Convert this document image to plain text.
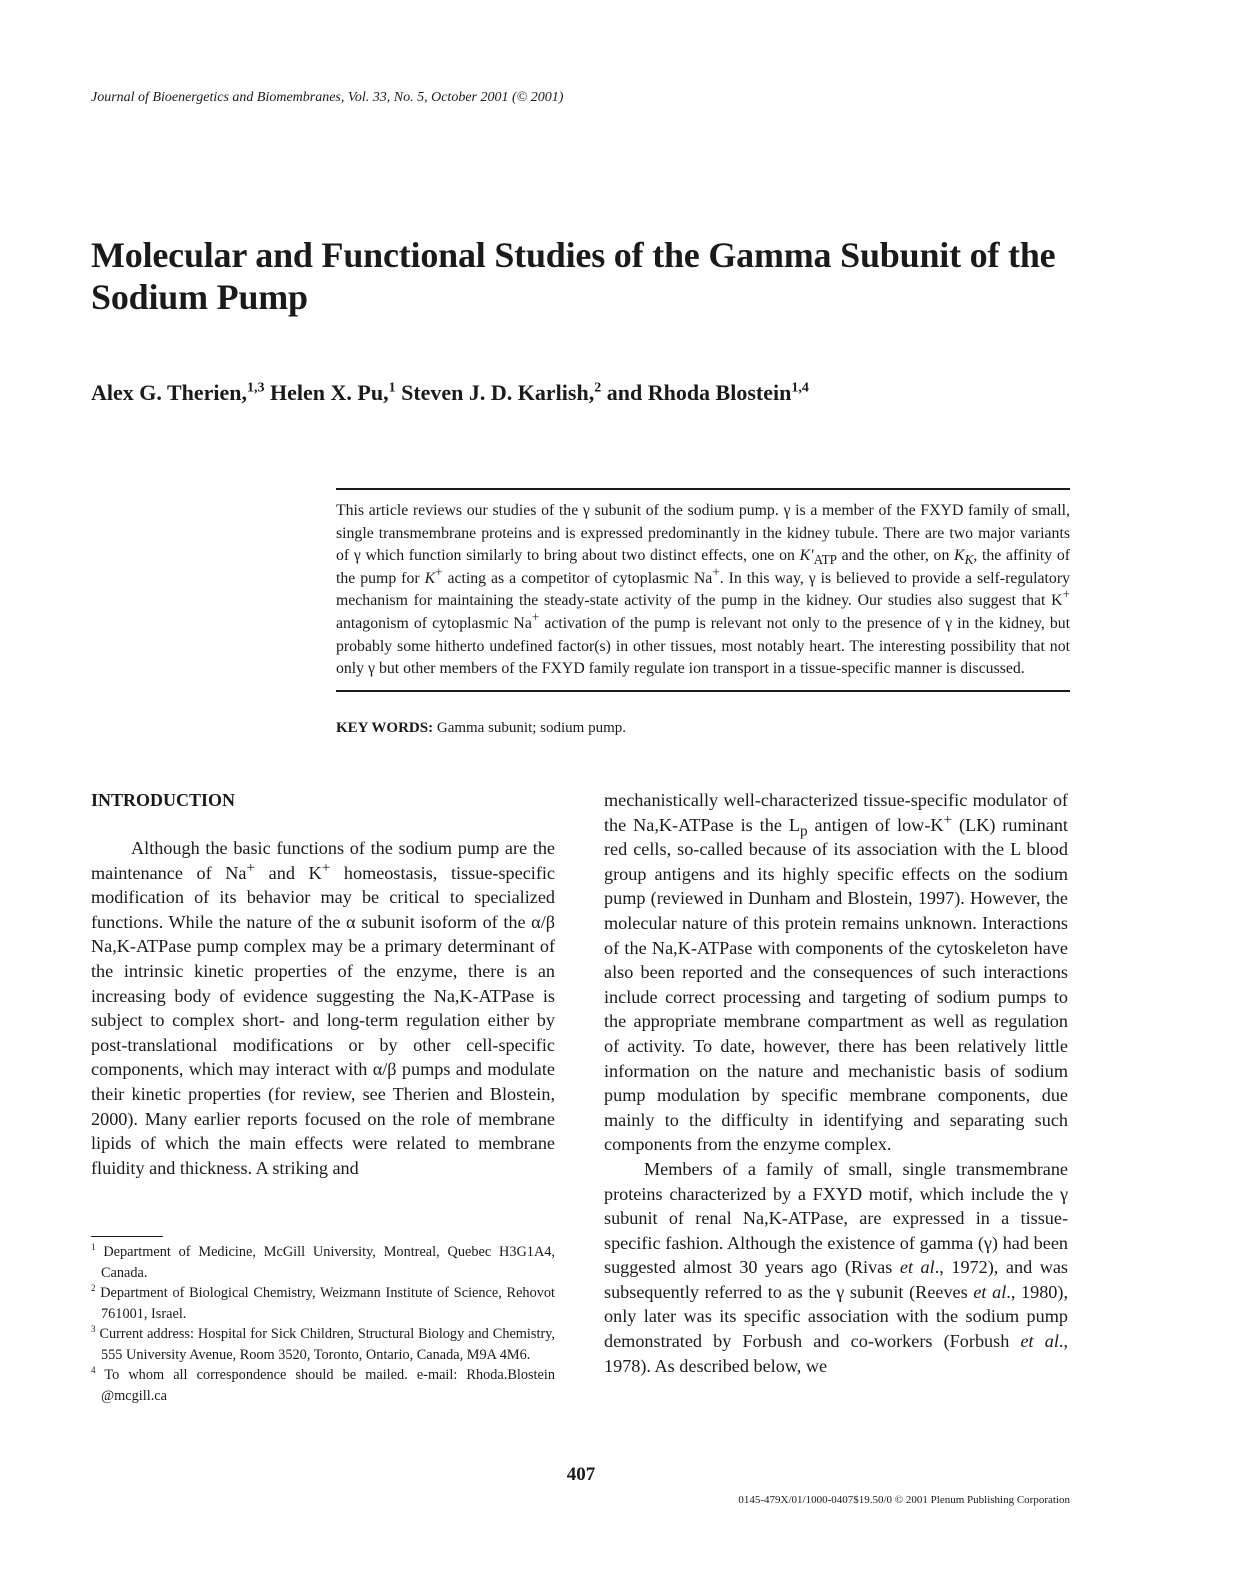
Journal of Bioenergetics and Biomembranes, Vol. 33, No. 5, October 2001 (© 2001)
Molecular and Functional Studies of the Gamma Subunit of the Sodium Pump
Alex G. Therien,$^{1,3}$ Helen X. Pu,$^1$ Steven J. D. Karlish,$^2$ and Rhoda Blostein$^{1,4}$

This article reviews our studies of the γ subunit of the sodium pump. γ is a member of the FXYD family of small, single transmembrane proteins and is expressed predominantly in the kidney tubule. There are two major variants of γ which function similarly to bring about two distinct effects, one on $K'_{ATP}$ and the other, on $K_K$, the affinity of the pump for K+ acting as a competitor of cytoplasmic Na+. In this way, γ is believed to provide a self-regulatory mechanism for maintaining the steady-state activity of the pump in the kidney. Our studies also suggest that K+ antagonism of cytoplasmic Na+ activation of the pump is relevant not only to the presence of γ in the kidney, but probably some hitherto undefined factor(s) in other tissues, most notably heart. The interesting possibility that not only γ but other members of the FXYD family regulate ion transport in a tissue-specific manner is discussed.

KEY WORDS: Gamma subunit; sodium pump.
INTRODUCTION

Although the basic functions of the sodium pump are the maintenance of Na+ and K+ homeostasis, tissue-specific modification of its behavior may be critical to specialized functions. While the nature of the α subunit isoform of the α/β Na,K-ATPase pump complex may be a primary determinant of the intrinsic kinetic properties of the enzyme, there is an increasing body of evidence suggesting the Na,K-ATPase is subject to complex short- and long-term regulation either by post-translational modifications or by other cell-specific components, which may interact with α/β pumps and modulate their kinetic properties (for review, see Therien and Blostein, 2000). Many earlier reports focused on the role of membrane lipids of which the main effects were related to membrane fluidity and thickness. A striking and

$^1$ Department of Medicine, McGill University, Montreal, Quebec H3G1A4, Canada.

$^2$ Department of Biological Chemistry, Weizmann Institute of Science, Rehovot 761001, Israel.

$^3$ Current address: Hospital for Sick Children, Structural Biology and Chemistry, 555 University Avenue, Room 3520, Toronto, Ontario, Canada, M9A 4M6.

$^4$ To whom all correspondence should be mailed. e-mail: Rhoda.Blostein @mcgill.ca

mechanistically well-characterized tissue-specific modulator of the Na,K-ATPase is the $L_p$ antigen of low-K+ (LK) ruminant red cells, so-called because of its association with the L blood group antigens and its highly specific effects on the sodium pump (reviewed in Dunham and Blostein, 1997). However, the molecular nature of this protein remains unknown. Interactions of the Na,K-ATPase with components of the cytoskeleton have also been reported and the consequences of such interactions include correct processing and targeting of sodium pumps to the appropriate membrane compartment as well as regulation of activity. To date, however, there has been relatively little information on the nature and mechanistic basis of sodium pump modulation by specific membrane components, due mainly to the difficulty in identifying and separating such components from the enzyme complex.

Members of a family of small, single transmembrane proteins characterized by a FXYD motif, which include the γ subunit of renal Na,K-ATPase, are expressed in a tissue-specific fashion. Although the existence of gamma (γ) had been suggested almost 30 years ago (Rivas et al., 1972), and was subsequently referred to as the γ subunit (Reeves et al., 1980), only later was its specific association with the sodium pump demonstrated by Forbush and co-workers (Forbush et al., 1978). As described below, we

407
0145-479X/01/1000-0407$19.50/0 © 2001 Plenum Publishing Corporation
